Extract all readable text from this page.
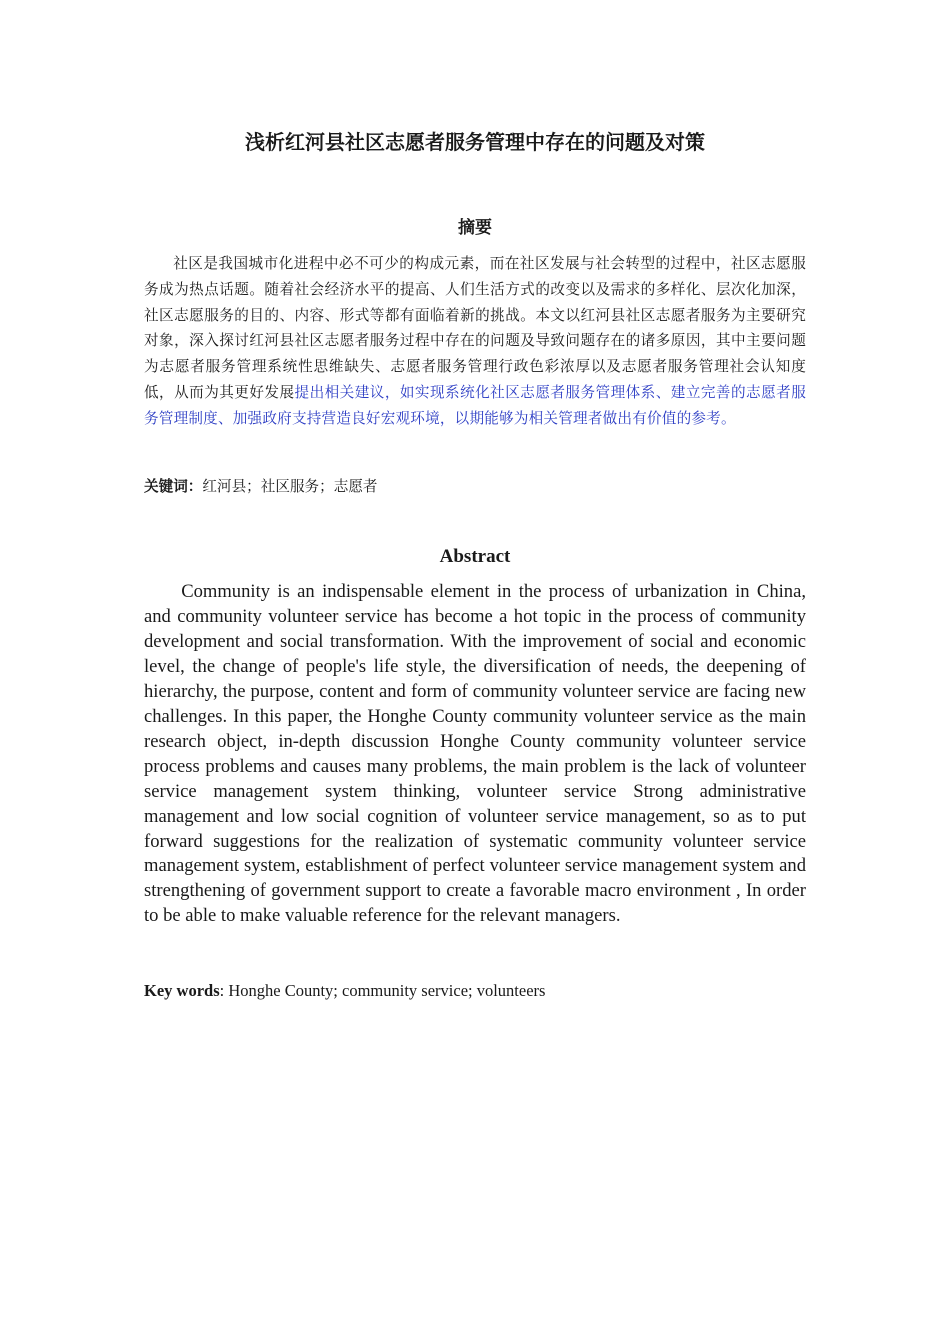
浅析红河县社区志愿者服务管理中存在的问题及对策
摘要

社区是我国城市化进程中必不可少的构成元素，而在社区发展与社会转型的过程中，社区志愿服务成为热点话题。随着社会经济水平的提高、人们生活方式的改变以及需求的多样化、层次化加深，社区志愿服务的目的、内容、形式等都有面临着新的挑战。本文以红河县社区志愿者服务为主要研究对象，深入探讨红河县社区志愿者服务过程中存在的问题及导致问题存在的诸多原因，其中主要问题为志愿者服务管理系统性思维缺失、志愿者服务管理行政色彩浓厚以及志愿者服务管理社会认知度低，从而为其更好发展提出相关建议，如实现系统化社区志愿者服务管理体系、建立完善的志愿者服务管理制度、加强政府支持营造良好宏观环境，以期能够为相关管理者做出有价值的参考。

关键词：红河县；社区服务；志愿者

Abstract

Community is an indispensable element in the process of urbanization in China, and community volunteer service has become a hot topic in the process of community development and social transformation. With the improvement of social and economic level, the change of people's life style, the diversification of needs, the deepening of hierarchy, the purpose, content and form of community volunteer service are facing new challenges. In this paper, the Honghe County community volunteer service as the main research object, in-depth discussion Honghe County community volunteer service process problems and causes many problems, the main problem is the lack of volunteer service management system thinking, volunteer service Strong administrative management and low social cognition of volunteer service management, so as to put forward suggestions for the realization of systematic community volunteer service management system, establishment of perfect volunteer service management system and strengthening of government support to create a favorable macro environment , In order to be able to make valuable reference for the relevant managers.

Key words: Honghe County; community service; volunteers
